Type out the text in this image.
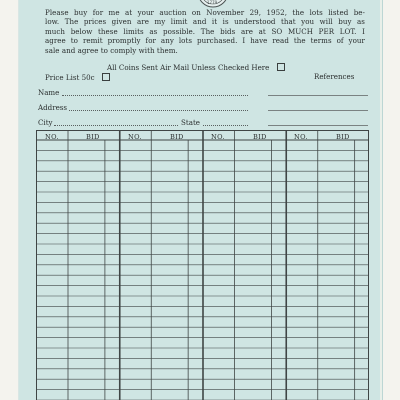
1779
Please buy for me at your auction on November 29, 1952, the lots listed be-
low. The prices given are my limit and it is understood that you will buy as
much below these limits as possible. The bids are at SO MUCH PER LOT. I
agree to remit promptly for any lots purchased. I have read the terms of your
sale and agree to comply with them.
All Coins Sent Air Mail Unless Checked Here
Price List 50c	References
Name
Address
City	State
NO.	BID	NO.	BID	NO.	BID	NO.	BID
